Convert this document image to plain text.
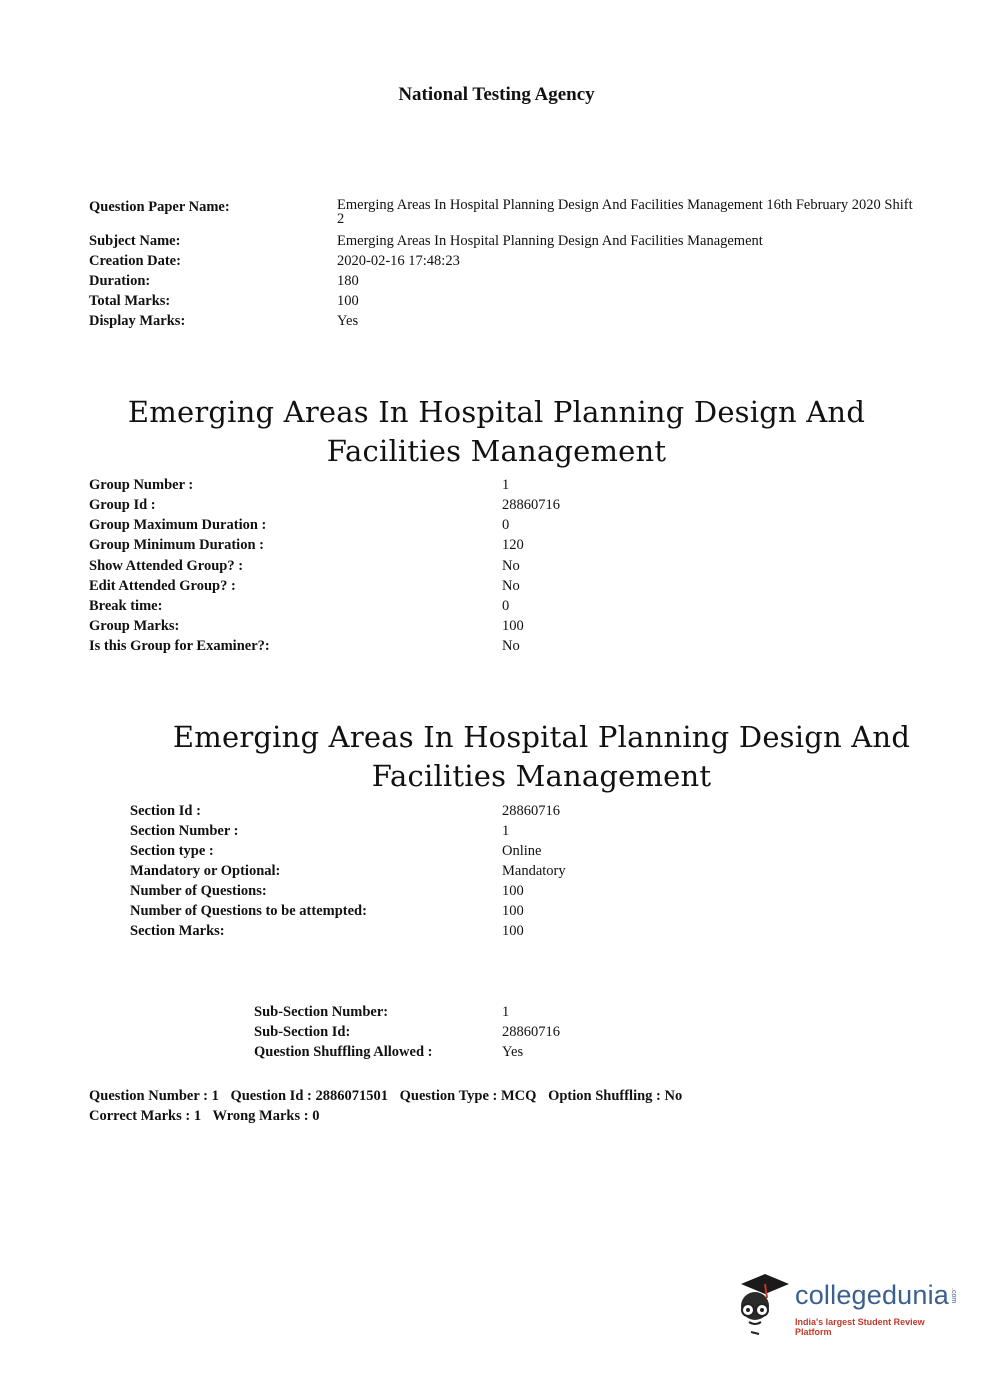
National Testing Agency
Question Paper Name:	Emerging Areas In Hospital Planning Design And Facilities Management 16th February 2020 Shift 2
Subject Name:	Emerging Areas In Hospital Planning Design And Facilities Management
Creation Date:	2020-02-16 17:48:23
Duration:	180
Total Marks:	100
Display Marks:	Yes
Emerging Areas In Hospital Planning Design And Facilities Management
Group Number :	1
Group Id :	28860716
Group Maximum Duration :	0
Group Minimum Duration :	120
Show Attended Group? :	No
Edit Attended Group? :	No
Break time:	0
Group Marks:	100
Is this Group for Examiner?:	No
Emerging Areas In Hospital Planning Design And Facilities Management
Section Id :	28860716
Section Number :	1
Section type :	Online
Mandatory or Optional:	Mandatory
Number of Questions:	100
Number of Questions to be attempted:	100
Section Marks:	100
Sub-Section Number:	1
Sub-Section Id:	28860716
Question Shuffling Allowed :	Yes
Question Number : 1 Question Id : 2886071501 Question Type : MCQ Option Shuffling : No
Correct Marks : 1 Wrong Marks : 0
collegedunia .com
India's largest Student Review Platform
